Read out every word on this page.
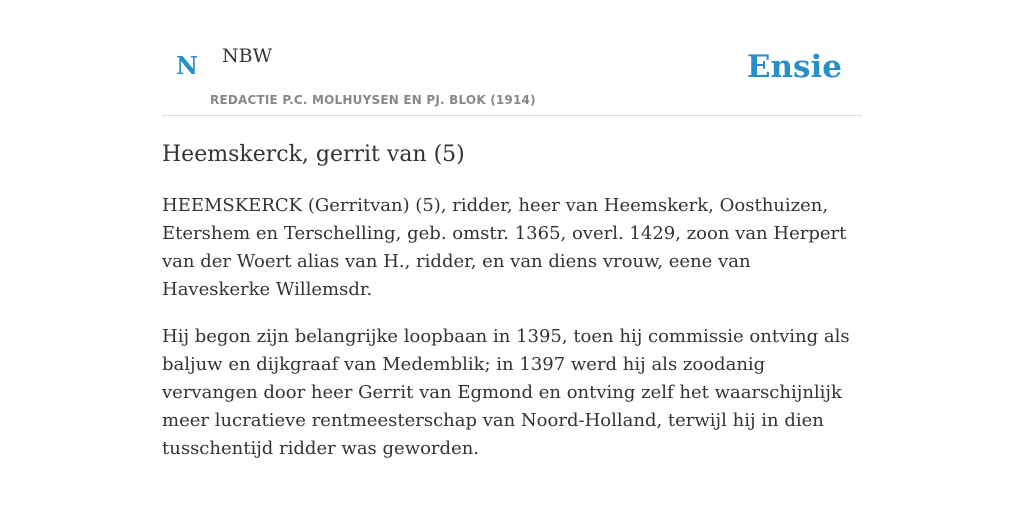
N NBW
REDACTIE P.C. MOLHUYSEN EN PJ. BLOK (1914)
Ensie
Heemskerck, gerrit van (5)

HEEMSKERCK (Gerritvan) (5), ridder, heer van Heemskerk, Oosthuizen, Etershem en Terschelling, geb. omstr. 1365, overl. 1429, zoon van Herpert van der Woert alias van H., ridder, en van diens vrouw, eene van Haveskerke Willemsdr.

Hij begon zijn belangrijke loopbaan in 1395, toen hij commissie ontving als baljuw en dijkgraaf van Medemblik; in 1397 werd hij als zoodanig vervangen door heer Gerrit van Egmond en ontving zelf het waarschijnlijk meer lucratieve rentmeesterschap van Noord-Holland, terwijl hij in dien tusschentijd ridder was geworden.
